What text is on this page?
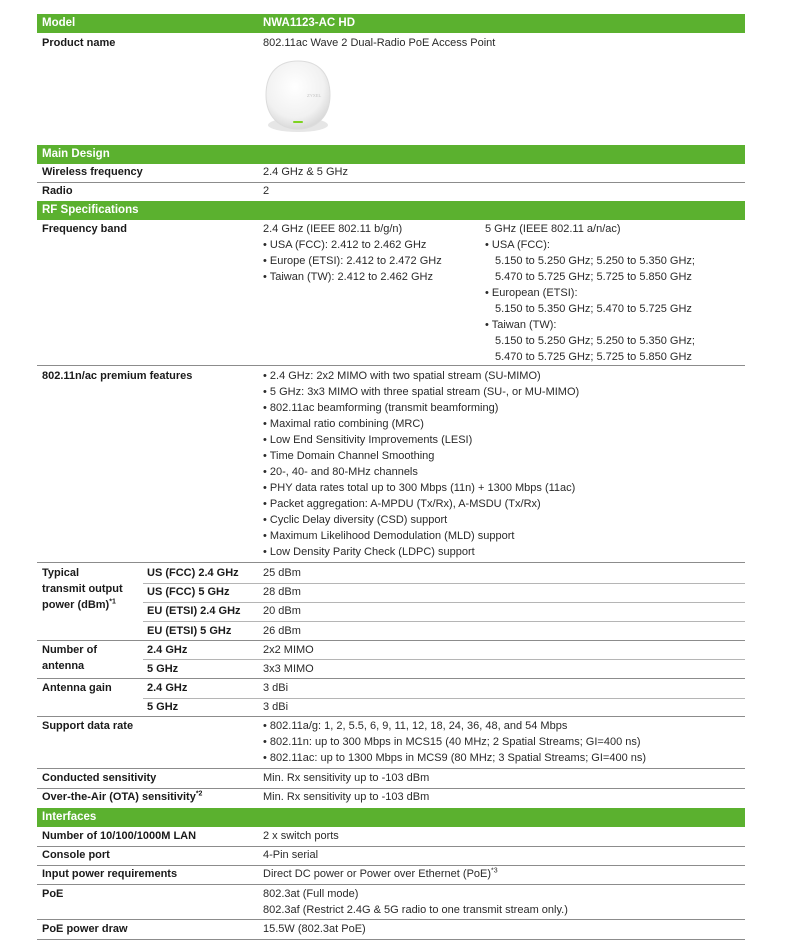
Model	NWA1123-AC HD
Product name	802.11ac Wave 2 Dual-Radio PoE Access Point
ZYXEL
Main Design
Wireless frequency	2.4 GHz & 5 GHz
Radio	2
RF Specifications
Frequency band	2.4 GHz (IEEE 802.11 b/g/n)
• USA (FCC): 2.412 to 2.462 GHz
• Europe (ETSI): 2.412 to 2.472 GHz
• Taiwan (TW): 2.412 to 2.462 GHz
5 GHz (IEEE 802.11 a/n/ac)
• USA (FCC):
5.150 to 5.250 GHz; 5.250 to 5.350 GHz;
5.470 to 5.725 GHz; 5.725 to 5.850 GHz
• European (ETSI):
5.150 to 5.350 GHz; 5.470 to 5.725 GHz
• Taiwan (TW):
5.150 to 5.250 GHz; 5.250 to 5.350 GHz;
5.470 to 5.725 GHz; 5.725 to 5.850 GHz
802.11n/ac premium features	• 2.4 GHz: 2x2 MIMO with two spatial stream (SU-MIMO)
• 5 GHz: 3x3 MIMO with three spatial stream (SU-, or MU-MIMO)
• 802.11ac beamforming (transmit beamforming)
• Maximal ratio combining (MRC)
• Low End Sensitivity Improvements (LESI)
• Time Domain Channel Smoothing
• 20-, 40- and 80-MHz channels
• PHY data rates total up to 300 Mbps (11n) + 1300 Mbps (11ac)
• Packet aggregation: A-MPDU (Tx/Rx), A-MSDU (Tx/Rx)
• Cyclic Delay diversity (CSD) support
• Maximum Likelihood Demodulation (MLD) support
• Low Density Parity Check (LDPC) support
Typical
transmit output
power (dBm)$^{*1}$
US (FCC) 2.4 GHz 25 dBm
US (FCC) 5 GHz	28 dBm
EU (ETSI) 2.4 GHz 20 dBm
EU (ETSI) 5 GHz	26 dBm
Number of
antenna
2.4 GHz	2x2 MIMO
5 GHz	3x3 MIMO
Antenna gain	2.4 GHz	3 dBi
5 GHz	3 dBi
Support data rate	• 802.11a/g: 1, 2, 5.5, 6, 9, 11, 12, 18, 24, 36, 48, and 54 Mbps
• 802.11n: up to 300 Mbps in MCS15 (40 MHz; 2 Spatial Streams; GI=400 ns)
• 802.11ac: up to 1300 Mbps in MCS9 (80 MHz; 3 Spatial Streams; GI=400 ns)
Conducted sensitivity	Min. Rx sensitivity up to -103 dBm
Over-the-Air (OTA) sensitivity$^{*2}$	Min. Rx sensitivity up to -103 dBm
Interfaces
Number of 10/100/1000M LAN	2 x switch ports
Console port	4-Pin serial
Input power requirements	Direct DC power or Power over Ethernet (PoE)$^{*3}$
PoE	802.3at (Full mode)
802.3af (Restrict 2.4G & 5G radio to one transmit stream only.)
PoE power draw	15.5W (802.3at PoE)
